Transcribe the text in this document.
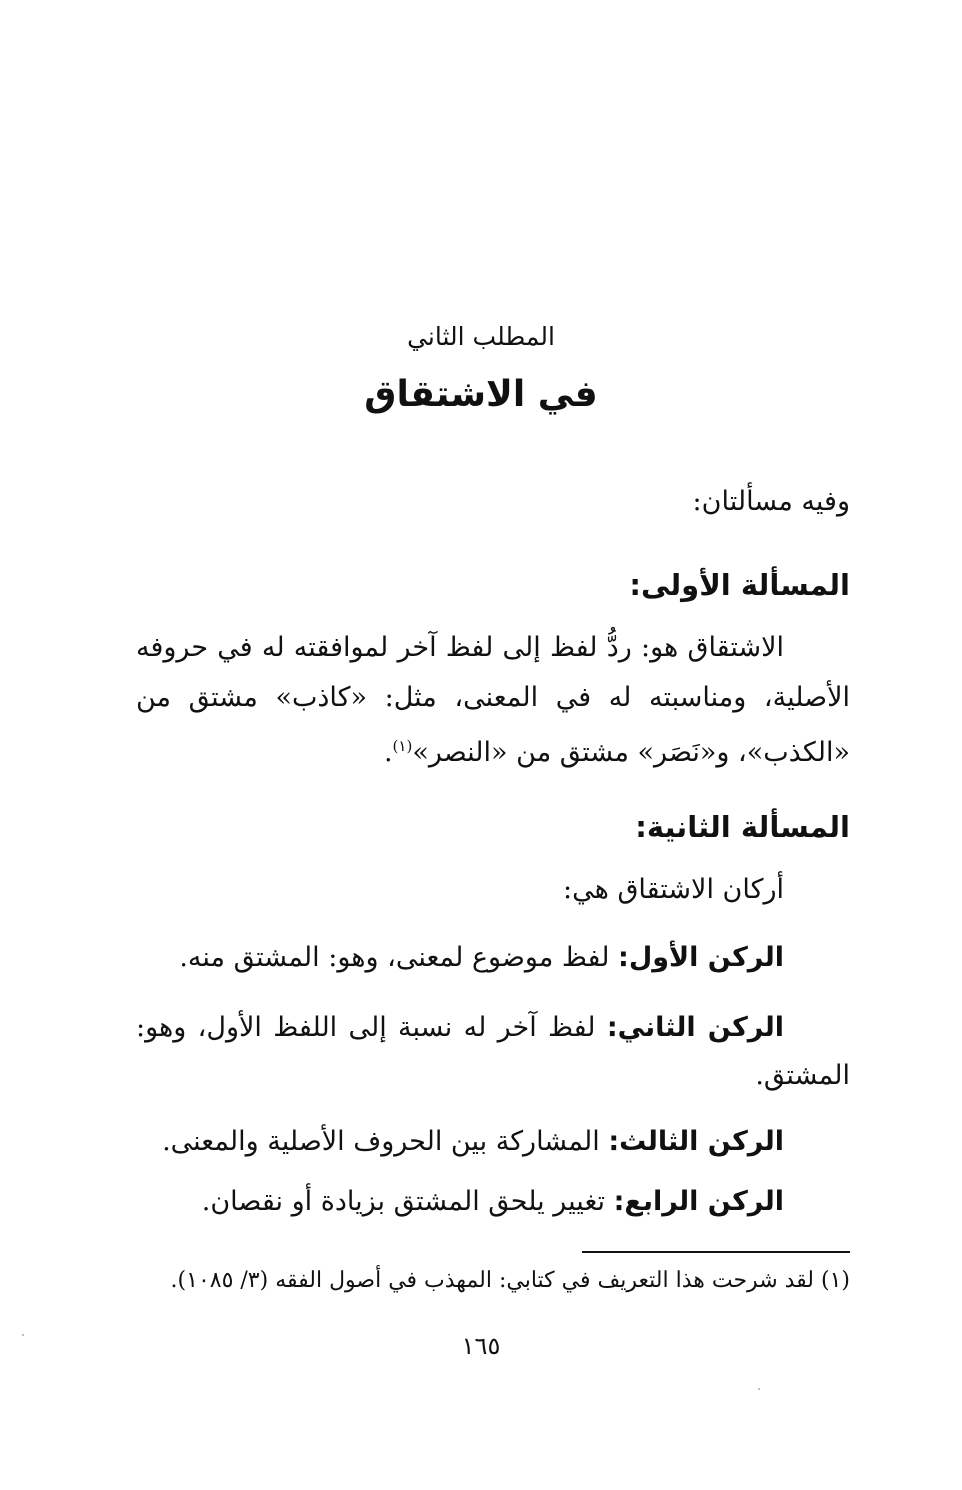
المطلب الثاني
في الاشتقاق
وفيه مسألتان:
المسألة الأولى:
الاشتقاق هو: ردُّ لفظ إلى لفظ آخر لموافقته له في حروفه
الأصلية، ومناسبته له في المعنى، مثل: «كاذب» مشتق من
«الكذب»، و«نَصَر» مشتق من «النصر»$^{(١)}$.
المسألة الثانية:
أركان الاشتقاق هي:
الركن الأول: لفظ موضوع لمعنى، وهو: المشتق منه.
الركن الثاني: لفظ آخر له نسبة إلى اللفظ الأول، وهو:
المشتق.
الركن الثالث: المشاركة بين الحروف الأصلية والمعنى.
الركن الرابع: تغيير يلحق المشتق بزيادة أو نقصان.
(١) لقد شرحت هذا التعريف في كتابي: المهذب في أصول الفقه (٣/ ١٠٨٥).
١٦٥
